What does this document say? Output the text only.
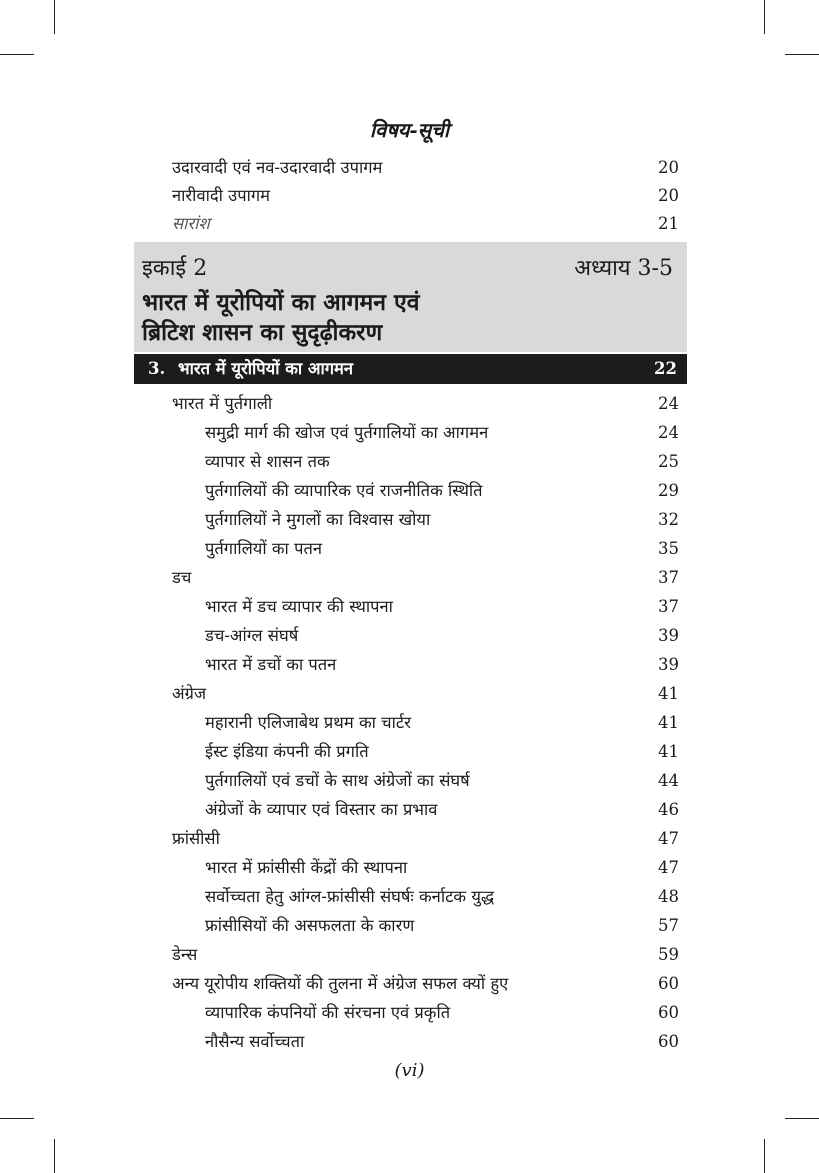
विषय-सूची
उदारवादी एवं नव-उदारवादी उपागम	20
नारीवादी उपागम	20
सारांश	21
इकाई 2	अध्याय 3-5
भारत में यूरोपियों का आगमन एवं
ब्रिटिश शासन का सुदृढ़ीकरण
3. भारत में यूरोपियों का आगमन	22
भारत में पुर्तगाली	24
समुद्री मार्ग की खोज एवं पुर्तगालियों का आगमन	24
व्यापार से शासन तक	25
पुर्तगालियों की व्यापारिक एवं राजनीतिक स्थिति	29
पुर्तगालियों ने मुगलों का विश्वास खोया	32
पुर्तगालियों का पतन	35
डच	37
भारत में डच व्यापार की स्थापना	37
डच-आंग्ल संघर्ष	39
भारत में डचों का पतन	39
अंग्रेज	41
महारानी एलिजाबेथ प्रथम का चार्टर	41
ईस्ट इंडिया कंपनी की प्रगति	41
पुर्तगालियों एवं डचों के साथ अंग्रेजों का संघर्ष	44
अंग्रेजों के व्यापार एवं विस्तार का प्रभाव	46
फ्रांसीसी	47
भारत में फ्रांसीसी केंद्रों की स्थापना	47
सर्वोच्चता हेतु आंग्ल-फ्रांसीसी संघर्षः कर्नाटक युद्ध	48
फ्रांसीसियों की असफलता के कारण	57
डेन्स	59
अन्य यूरोपीय शक्तियों की तुलना में अंग्रेज सफल क्यों हुए	60
व्यापारिक कंपनियों की संरचना एवं प्रकृति	60
नौसैन्य सर्वोच्चता	60
(vi)
